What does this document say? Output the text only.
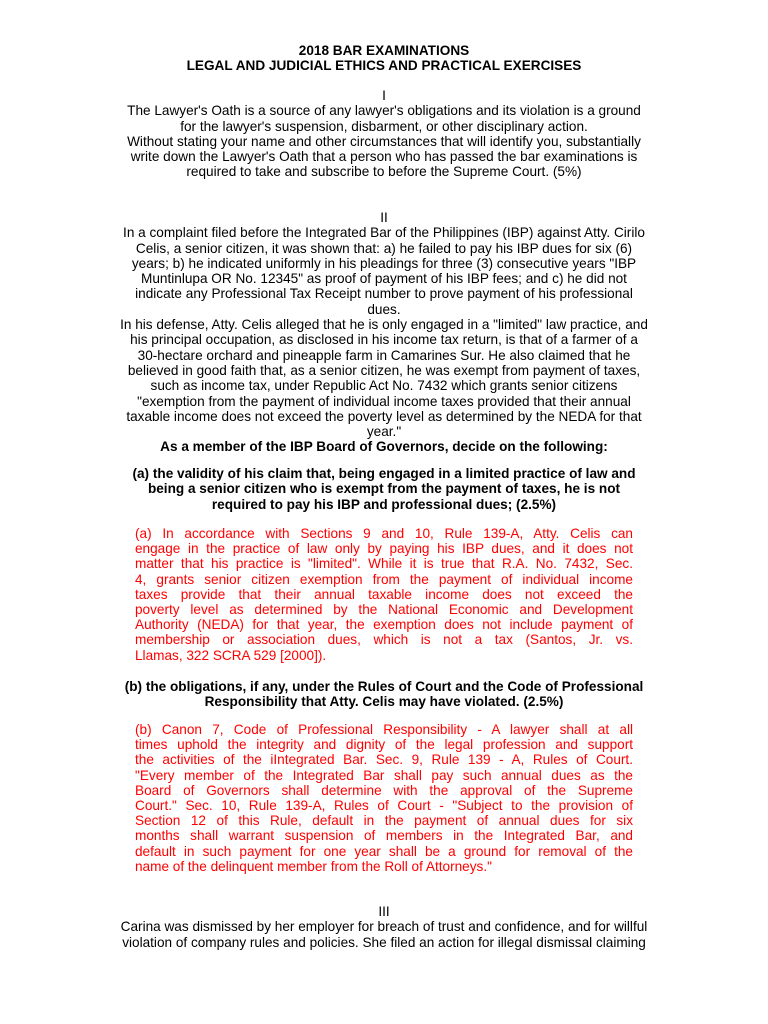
2018 BAR EXAMINATIONS
LEGAL AND JUDICIAL ETHICS AND PRACTICAL EXERCISES
I
The Lawyer's Oath is a source of any lawyer's obligations and its violation is a ground
for the lawyer's suspension, disbarment, or other disciplinary action.
Without stating your name and other circumstances that will identify you, substantially
write down the Lawyer's Oath that a person who has passed the bar examinations is
required to take and subscribe to before the Supreme Court. (5%)
II
In a complaint filed before the Integrated Bar of the Philippines (IBP) against Atty. Cirilo
Celis, a senior citizen, it was shown that: a) he failed to pay his IBP dues for six (6)
years; b) he indicated uniformly in his pleadings for three (3) consecutive years "IBP
Muntinlupa OR No. 12345" as proof of payment of his IBP fees; and c) he did not
indicate any Professional Tax Receipt number to prove payment of his professional
dues.
In his defense, Atty. Celis alleged that he is only engaged in a "limited" law practice, and
his principal occupation, as disclosed in his income tax return, is that of a farmer of a
30-hectare orchard and pineapple farm in Camarines Sur. He also claimed that he
believed in good faith that, as a senior citizen, he was exempt from payment of taxes,
such as income tax, under Republic Act No. 7432 which grants senior citizens
"exemption from the payment of individual income taxes provided that their annual
taxable income does not exceed the poverty level as determined by the NEDA for that
year."
As a member of the IBP Board of Governors, decide on the following:
(a) the validity of his claim that, being engaged in a limited practice of law and
being a senior citizen who is exempt from the payment of taxes, he is not
required to pay his IBP and professional dues; (2.5%)
(a) In accordance with Sections 9 and 10, Rule 139-A, Atty. Celis can
engage in the practice of law only by paying his IBP dues, and it does not
matter that his practice is "limited". While it is true that R.A. No. 7432, Sec.
4, grants senior citizen exemption from the payment of individual income
taxes provide that their annual taxable income does not exceed the
poverty level as determined by the National Economic and Development
Authority (NEDA) for that year, the exemption does not include payment of
membership or association dues, which is not a tax (Santos, Jr. vs.
Llamas, 322 SCRA 529 [2000]).
(b) the obligations, if any, under the Rules of Court and the Code of Professional
Responsibility that Atty. Celis may have violated. (2.5%)
(b) Canon 7, Code of Professional Responsibility - A lawyer shall at all
times uphold the integrity and dignity of the legal profession and support
the activities of the iIntegrated Bar. Sec. 9, Rule 139 - A, Rules of Court.
"Every member of the Integrated Bar shall pay such annual dues as the
Board of Governors shall determine with the approval of the Supreme
Court." Sec. 10, Rule 139-A, Rules of Court - "Subject to the provision of
Section 12 of this Rule, default in the payment of annual dues for six
months shall warrant suspension of members in the Integrated Bar, and
default in such payment for one year shall be a ground for removal of the
name of the delinquent member from the Roll of Attorneys."
III
Carina was dismissed by her employer for breach of trust and confidence, and for willful
violation of company rules and policies. She filed an action for illegal dismissal claiming
